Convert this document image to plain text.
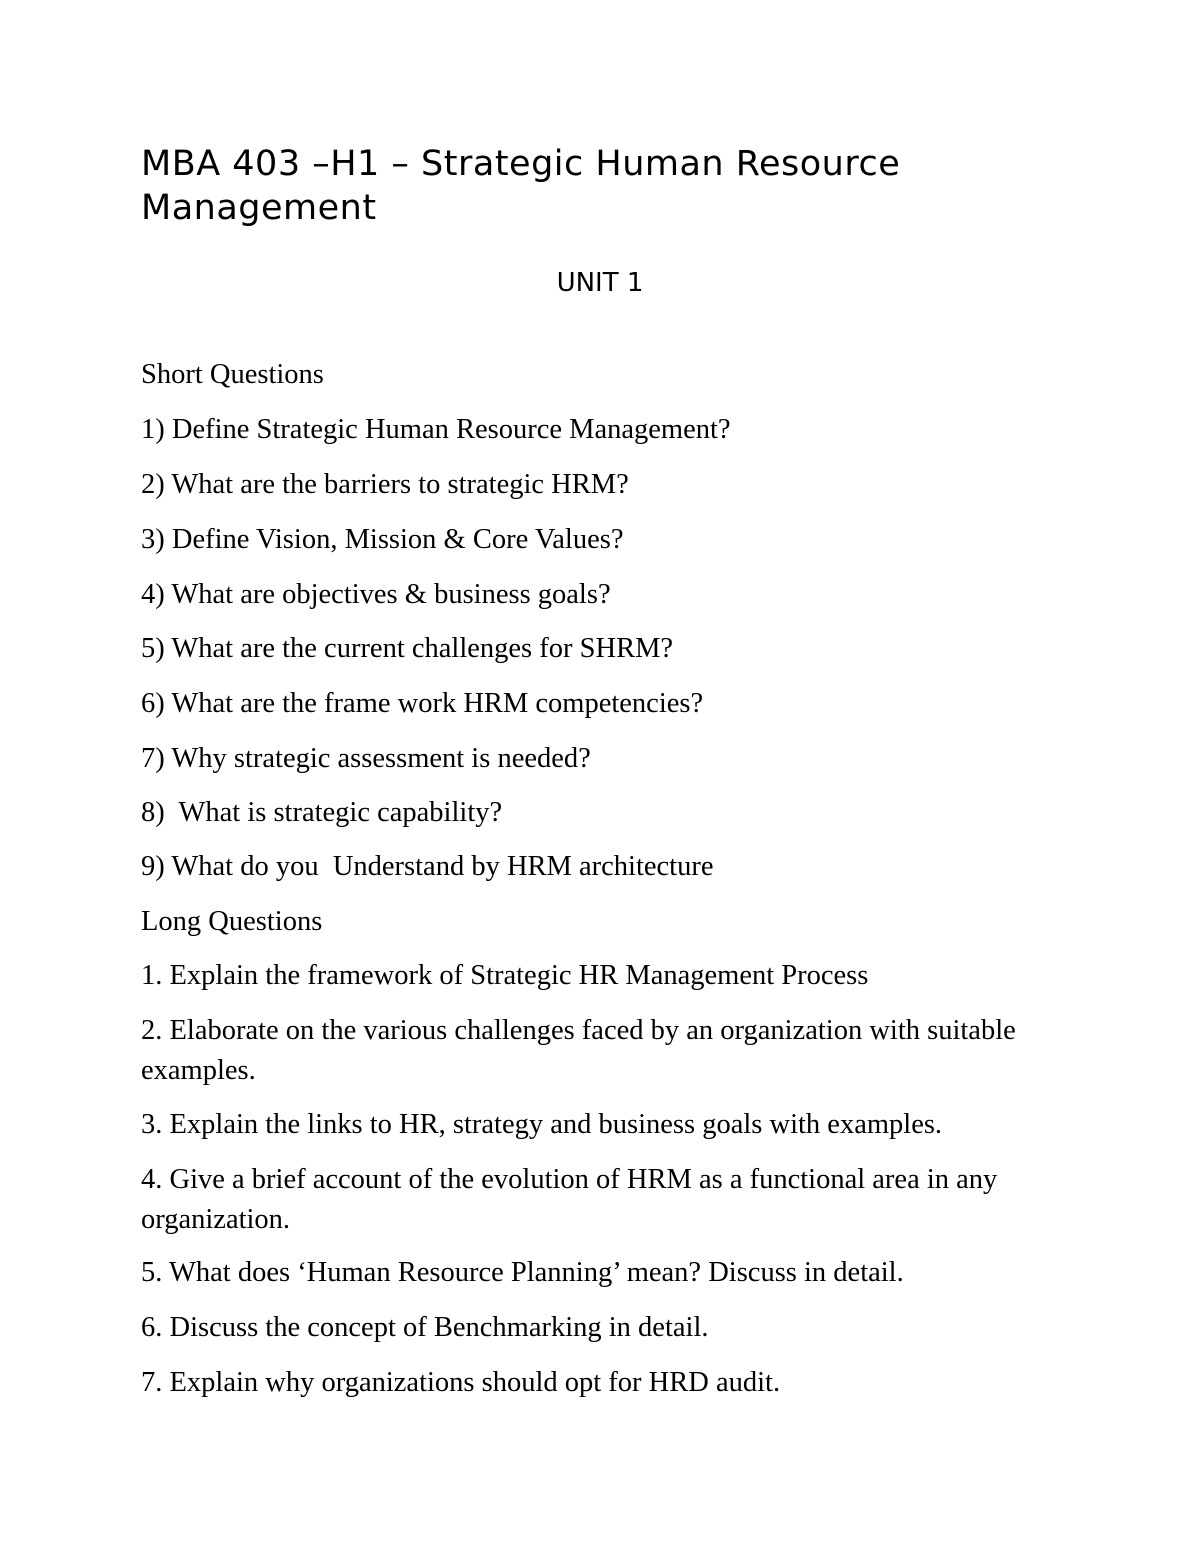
MBA 403 –H1 – Strategic Human Resource Management
UNIT 1

Short Questions

1) Define Strategic Human Resource Management?

2) What are the barriers to strategic HRM?

3) Define Vision, Mission & Core Values?

4) What are objectives & business goals?

5) What are the current challenges for SHRM?

6) What are the frame work HRM competencies?

7) Why strategic assessment is needed?

8)  What is strategic capability?

9) What do you  Understand by HRM architecture

Long Questions

1. Explain the framework of Strategic HR Management Process

2. Elaborate on the various challenges faced by an organization with suitable examples.

3. Explain the links to HR, strategy and business goals with examples.

4. Give a brief account of the evolution of HRM as a functional area in any organization.

5. What does ‘Human Resource Planning’ mean? Discuss in detail.

6. Discuss the concept of Benchmarking in detail.

7. Explain why organizations should opt for HRD audit.
